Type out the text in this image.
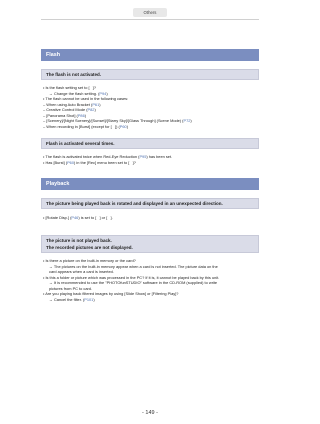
Others
Flash
The flash is not activated.

• Is the flash setting set to [   ]?

→ Change the flash setting. (P94)

• The flash cannot be used in the following cases:

– When using Auto Bracket (P61)

– Creative Control Mode (P82)

– [Panorama Shot] (P86)

– [Scenery]/[Night Scenery]/[Sunset]/[Starry Sky]/[Glass Through] (Scene Mode) (P72)

– When recording in [Burst] (except for [   ]) (P60)

Flash is activated several times.

• The flash is activated twice when Red-Eye Reduction (P95) has been set.

• Has [Burst] (P60) in the [Rec] menu been set to [   ]?

Playback
The picture being played back is rotated and displayed in an unexpected direction.

• [Rotate Disp.] (P46) is set to [   ] or [   ].

The picture is not played back.
The recorded pictures are not displayed.

• Is there a picture on the built-in memory or the card?

→ The pictures on the built-in memory appear when a card is not inserted. The picture data on the

card appears when a card is inserted.

• Is this a folder or picture which was processed in the PC? If it is, it cannot be played back by this unit.

→ It is recommended to use the "PHOTOfunSTUDIO" software in the CD-ROM (supplied) to write

pictures from PC to card.

• Are you playing back filtered images by using [Slide Show] or [Filtering Play]?

→ Cancel the filter. (P101)

- 149 -
